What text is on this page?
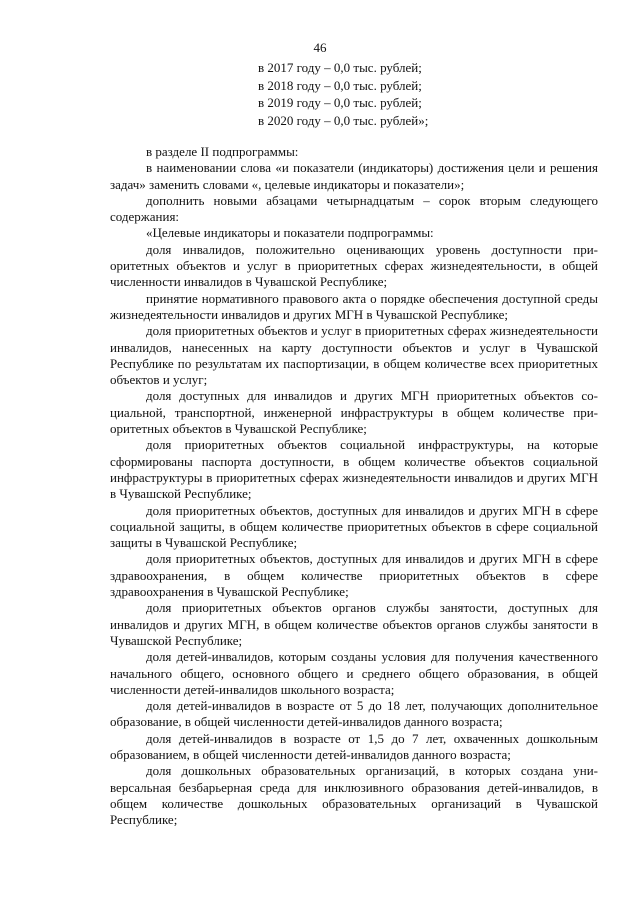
46
в 2017 году – 0,0 тыс. рублей;
в 2018 году – 0,0 тыс. рублей;
в 2019 году – 0,0 тыс. рублей;
в 2020 году – 0,0 тыс. рублей»;

в разделе II подпрограммы:

в наименовании слова «и показатели (индикаторы) достижения цели и решения задач» заменить словами «, целевые индикаторы и показатели»;

дополнить новыми абзацами четырнадцатым – сорок вторым следующего содержания:

«Целевые индикаторы и показатели подпрограммы:

доля инвалидов, положительно оценивающих уровень доступности приоритетных объектов и услуг в приоритетных сферах жизнедеятельности, в общей численности инвалидов в Чувашской Республике;

принятие нормативного правового акта о порядке обеспечения доступной среды жизнедеятельности инвалидов и других МГН в Чувашской Республике;

доля приоритетных объектов и услуг в приоритетных сферах жизнедеятельности инвалидов, нанесенных на карту доступности объектов и услуг в Чувашской Республике по результатам их паспортизации, в общем количестве всех приоритетных объектов и услуг;

доля доступных для инвалидов и других МГН приоритетных объектов социальной, транспортной, инженерной инфраструктуры в общем количестве приоритетных объектов в Чувашской Республике;

доля приоритетных объектов социальной инфраструктуры, на которые сформированы паспорта доступности, в общем количестве объектов социальной инфраструктуры в приоритетных сферах жизнедеятельности инвалидов и других МГН в Чувашской Республике;

доля приоритетных объектов, доступных для инвалидов и других МГН в сфере социальной защиты, в общем количестве приоритетных объектов в сфере социальной защиты в Чувашской Республике;

доля приоритетных объектов, доступных для инвалидов и других МГН в сфере здравоохранения, в общем количестве приоритетных объектов в сфере здравоохранения в Чувашской Республике;

доля приоритетных объектов органов службы занятости, доступных для инвалидов и других МГН, в общем количестве объектов органов службы занятости в Чувашской Республике;

доля детей-инвалидов, которым созданы условия для получения качественного начального общего, основного общего и среднего общего образования, в общей численности детей-инвалидов школьного возраста;

доля детей-инвалидов в возрасте от 5 до 18 лет, получающих дополнительное образование, в общей численности детей-инвалидов данного возраста;

доля детей-инвалидов в возрасте от 1,5 до 7 лет, охваченных дошкольным образованием, в общей численности детей-инвалидов данного возраста;

доля дошкольных образовательных организаций, в которых создана универсальная безбарьерная среда для инклюзивного образования детей-инвалидов, в общем количестве дошкольных образовательных организаций в Чувашской Республике;
